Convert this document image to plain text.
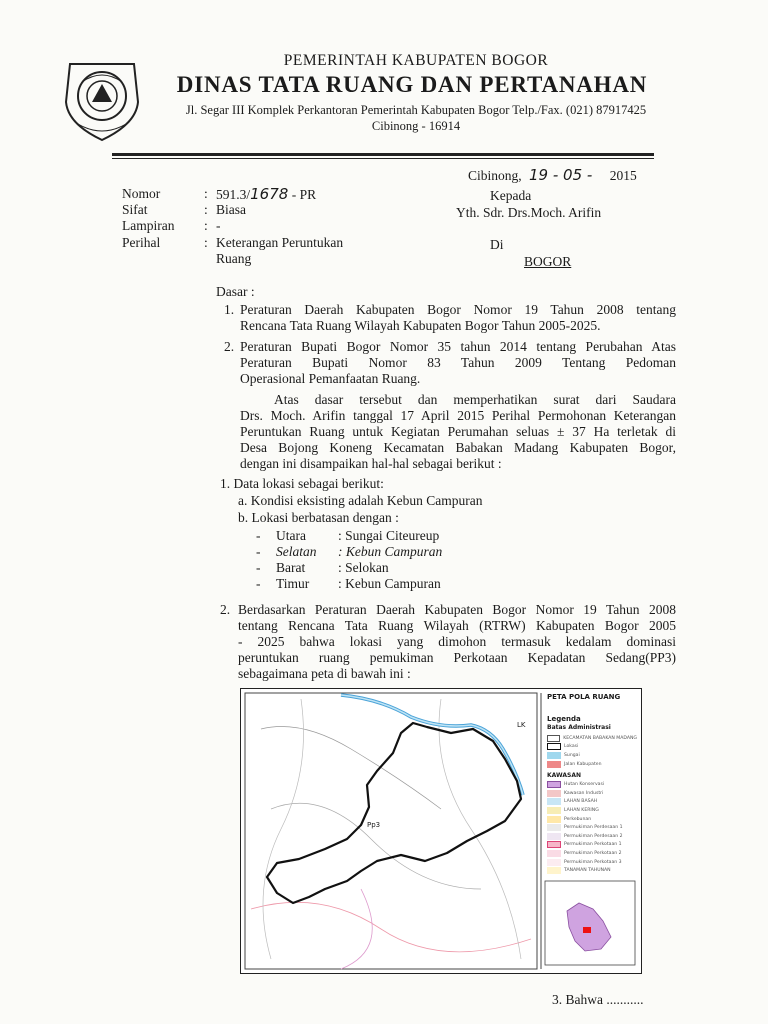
PEMERINTAH KABUPATEN BOGOR
DINAS TATA RUANG DAN PERTANAHAN
Jl. Segar III Komplek Perkantoran Pemerintah Kabupaten Bogor Telp./Fax. (021) 87917425
Cibinong - 16914
Cibinong, 19 - 05 - 2015
Nomor	: 591.3/1678 - PR
Sifat	: Biasa
Lampiran : -
Perihal	: Keterangan Peruntukan
Ruang
Kepada
Yth. Sdr. Drs.Moch. Arifin
Di
BOGOR
Dasar :
1. Peraturan Daerah Kabupaten Bogor Nomor 19 Tahun 2008 tentang
Rencana Tata Ruang Wilayah Kabupaten Bogor Tahun 2005-2025.
2. Peraturan Bupati Bogor Nomor 35 tahun 2014 tentang Perubahan Atas
Peraturan Bupati Nomor 83 Tahun 2009 Tentang Pedoman
Operasional Pemanfaatan Ruang.
Atas dasar tersebut dan memperhatikan surat dari Saudara
Drs. Moch. Arifin tanggal 17 April 2015 Perihal Permohonan Keterangan
Peruntukan Ruang untuk Kegiatan Perumahan seluas ± 37 Ha terletak di
Desa Bojong Koneng Kecamatan Babakan Madang Kabupaten Bogor,
dengan ini disampaikan hal-hal sebagai berikut :
1. Data lokasi sebagai berikut:
a. Kondisi eksisting adalah Kebun Campuran
b. Lokasi berbatasan dengan :
- Utara : Sungai Citeureup
- Selatan : Kebun Campuran
- Barat : Selokan
- Timur : Kebun Campuran
2. Berdasarkan Peraturan Daerah Kabupaten Bogor Nomor 19 Tahun 2008
tentang Rencana Tata Ruang Wilayah (RTRW) Kabupaten Bogor 2005
- 2025 bahwa lokasi yang dimohon termasuk kedalam dominasi
peruntukan ruang pemukiman Perkotaan Kepadatan Sedang(PP3)
sebagaimana peta di bawah ini :
PETA POLA RUANG
Legenda
Batas Administrasi
KECAMATAN BABAKAN MADANG
Lokasi
Sungai
Jalan Kabupaten
KAWASAN
Hutan Konservasi
Kawasan Industri
LAHAN BASAH
LAHAN KERING
Perkebunan
Permukiman Perdesaan 1
Permukiman Perdesaan 2
Permukiman Perkotaan 1
Permukiman Perkotaan 2
Permukiman Perkotaan 3
TANAMAN TAHUNAN
Pp3
LK
3. Bahwa ...........
